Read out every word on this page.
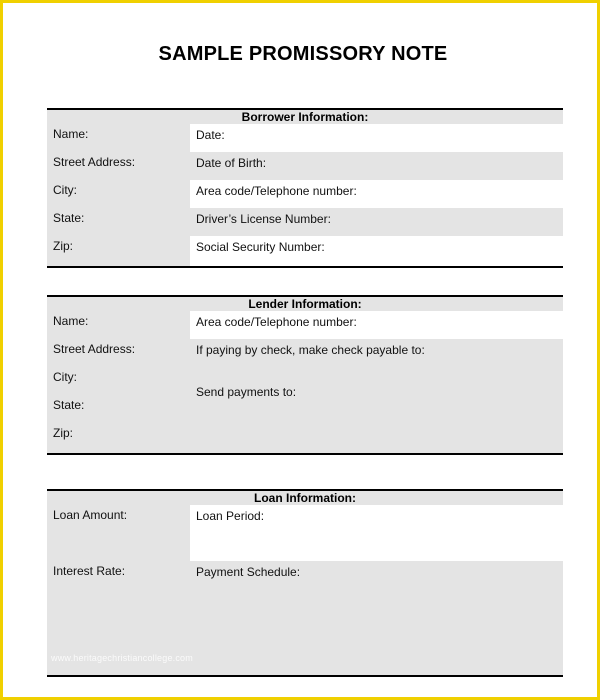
SAMPLE PROMISSORY NOTE
Borrower Information:
Date:
Date of Birth:
Area code/Telephone number:
Driver’s License Number:
Social Security Number:
Name:
Street Address:
City:
State:
Zip:
Lender Information:
Area code/Telephone number:
If paying by check, make check payable to:
Send payments to:
Name:
Street Address:
City:
State:
Zip:
Loan Information:
Loan Period:
Payment Schedule:
Loan Amount:
Interest Rate:
www.heritagechristiancollege.com
